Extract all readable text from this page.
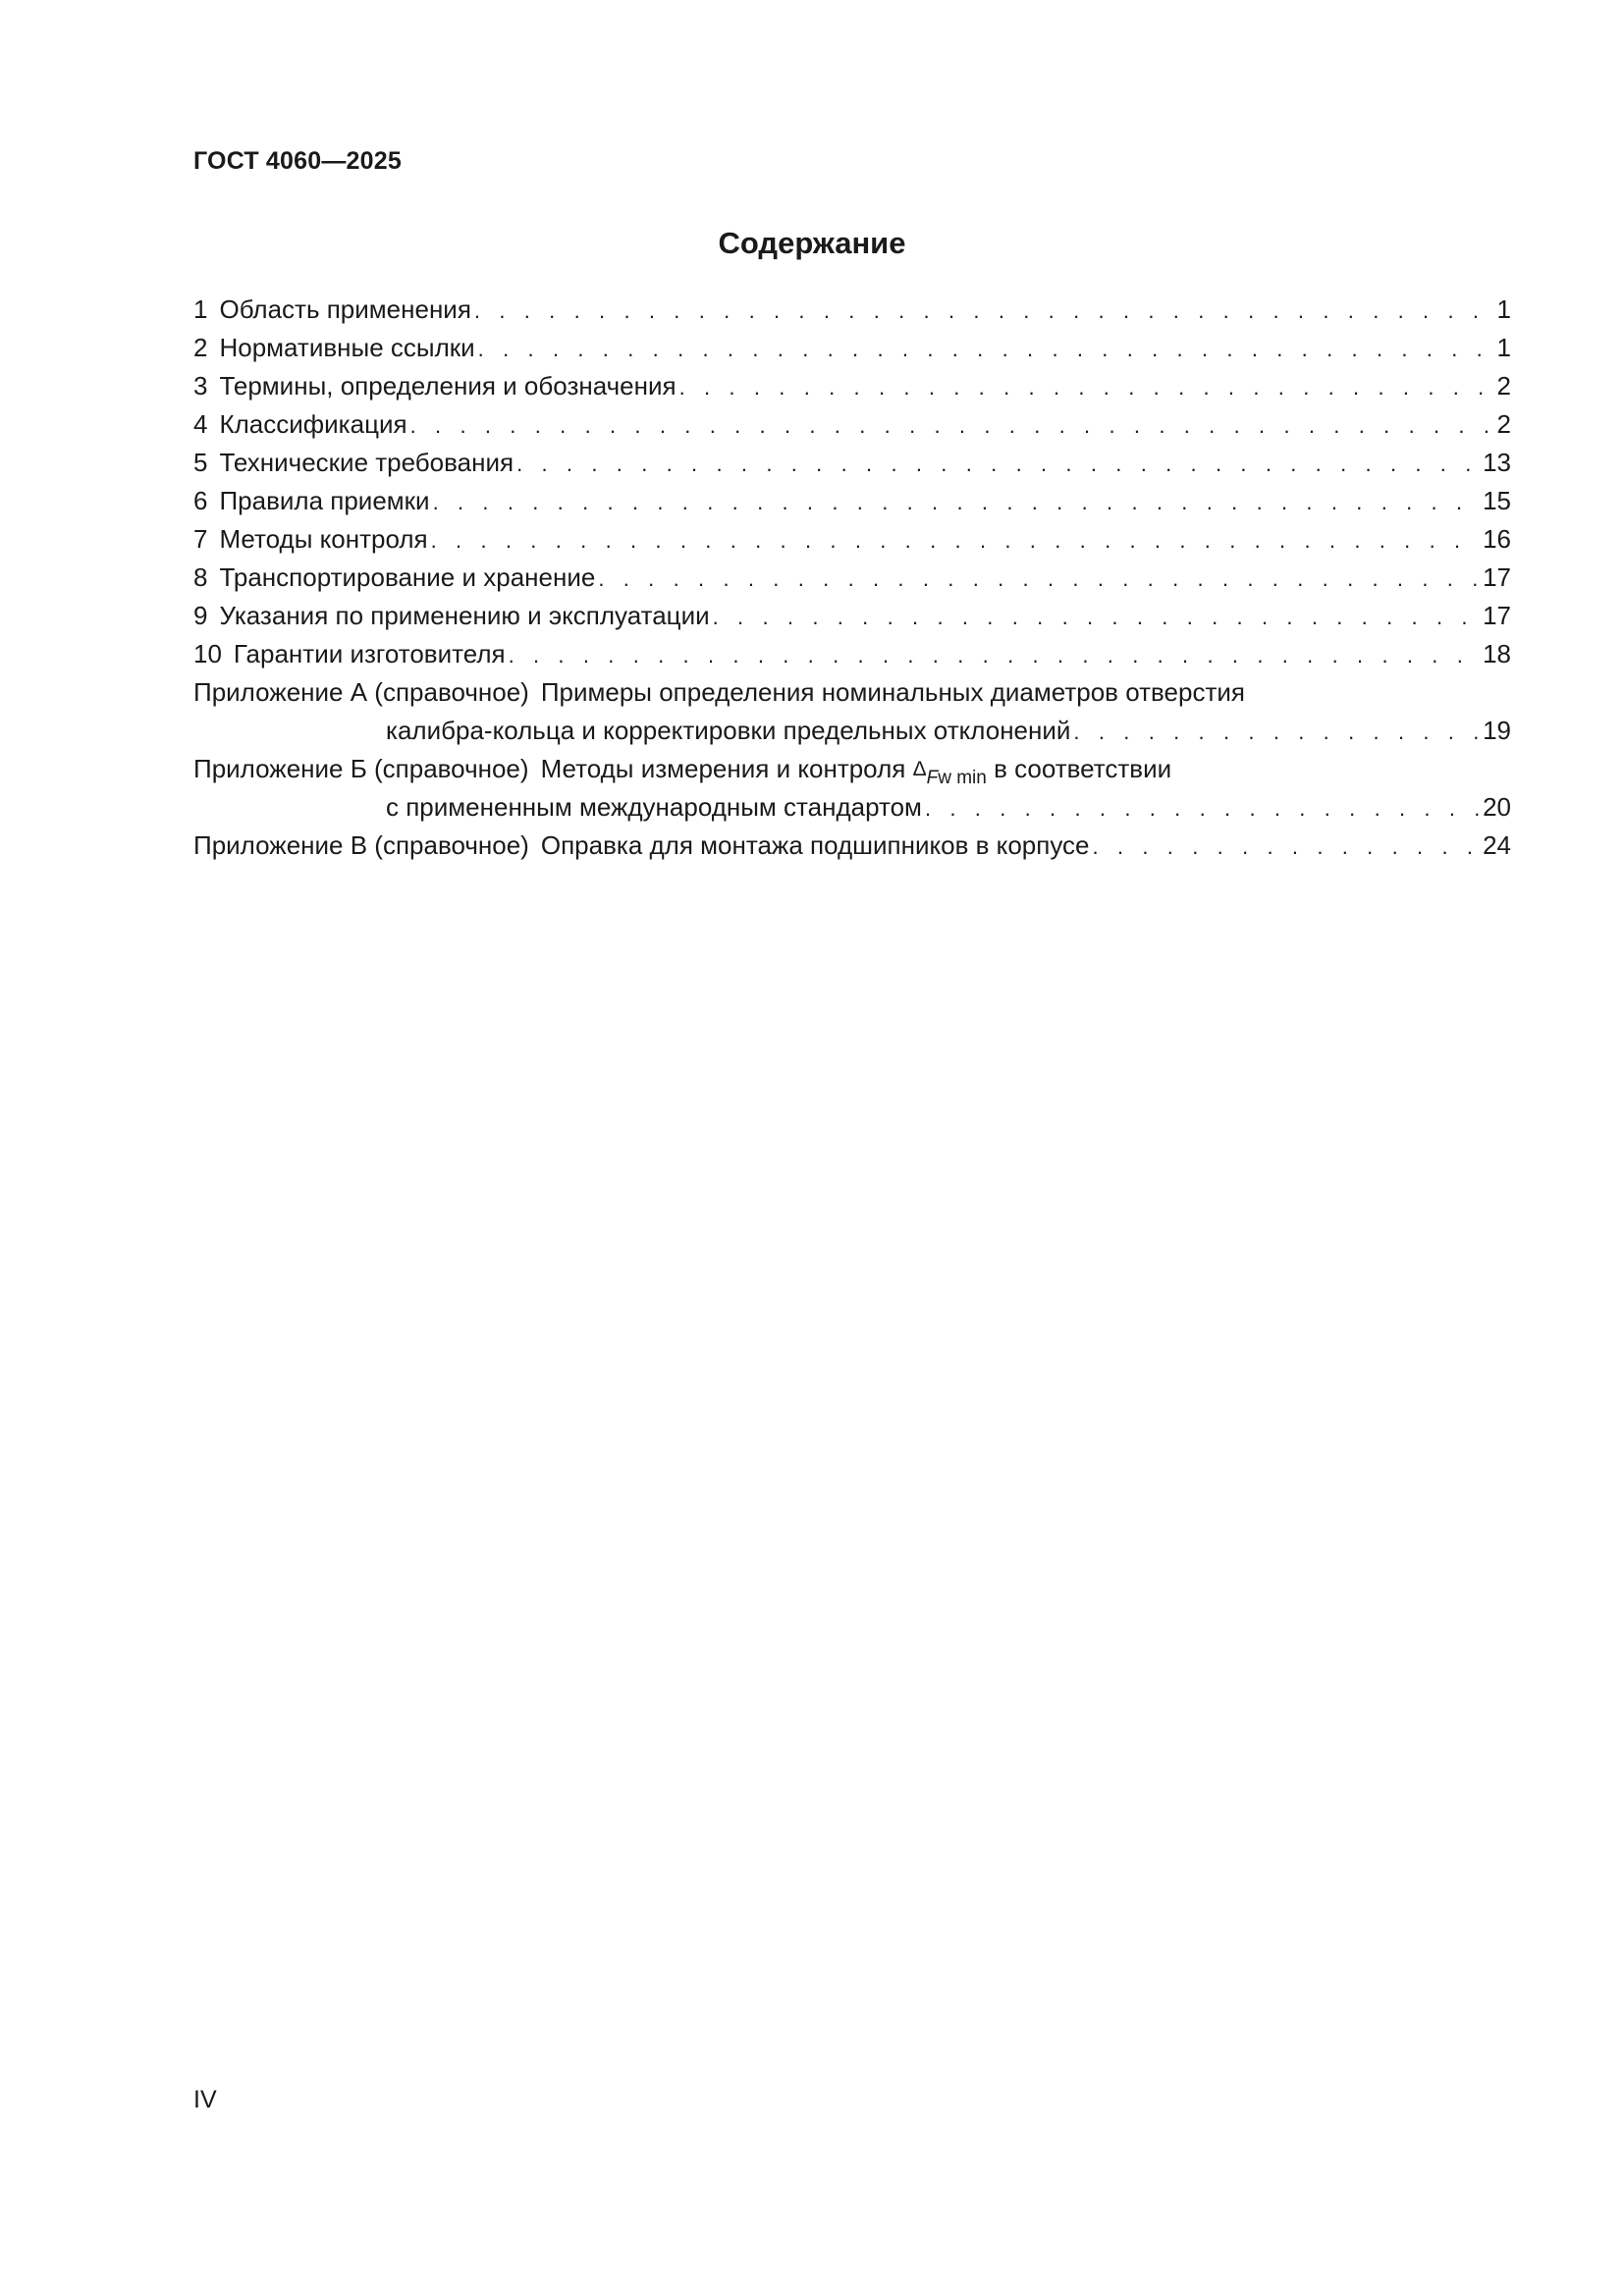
ГОСТ 4060—2025
Содержание
1 Область применения . . .	1
2 Нормативные ссылки . . .	1
3 Термины, определения и обозначения . . .	2
4 Классификация . . .	2
5 Технические требования . . .	13
6 Правила приемки . . .	15
7 Методы контроля . . .	16
8 Транспортирование и хранение . . .	17
9 Указания по применению и эксплуатации . . .	17
10 Гарантии изготовителя . . .	18
Приложение А (справочное) Примеры определения номинальных диаметров отверстия
калибра-кольца и корректировки предельных отклонений . . .	19
Приложение Б (справочное) Методы измерения и контроля $\Delta_{Fw min}$ в соответствии
с примененным международным стандартом . . .	20
Приложение В (справочное) Оправка для монтажа подшипников в корпусе . . .	24
IV
